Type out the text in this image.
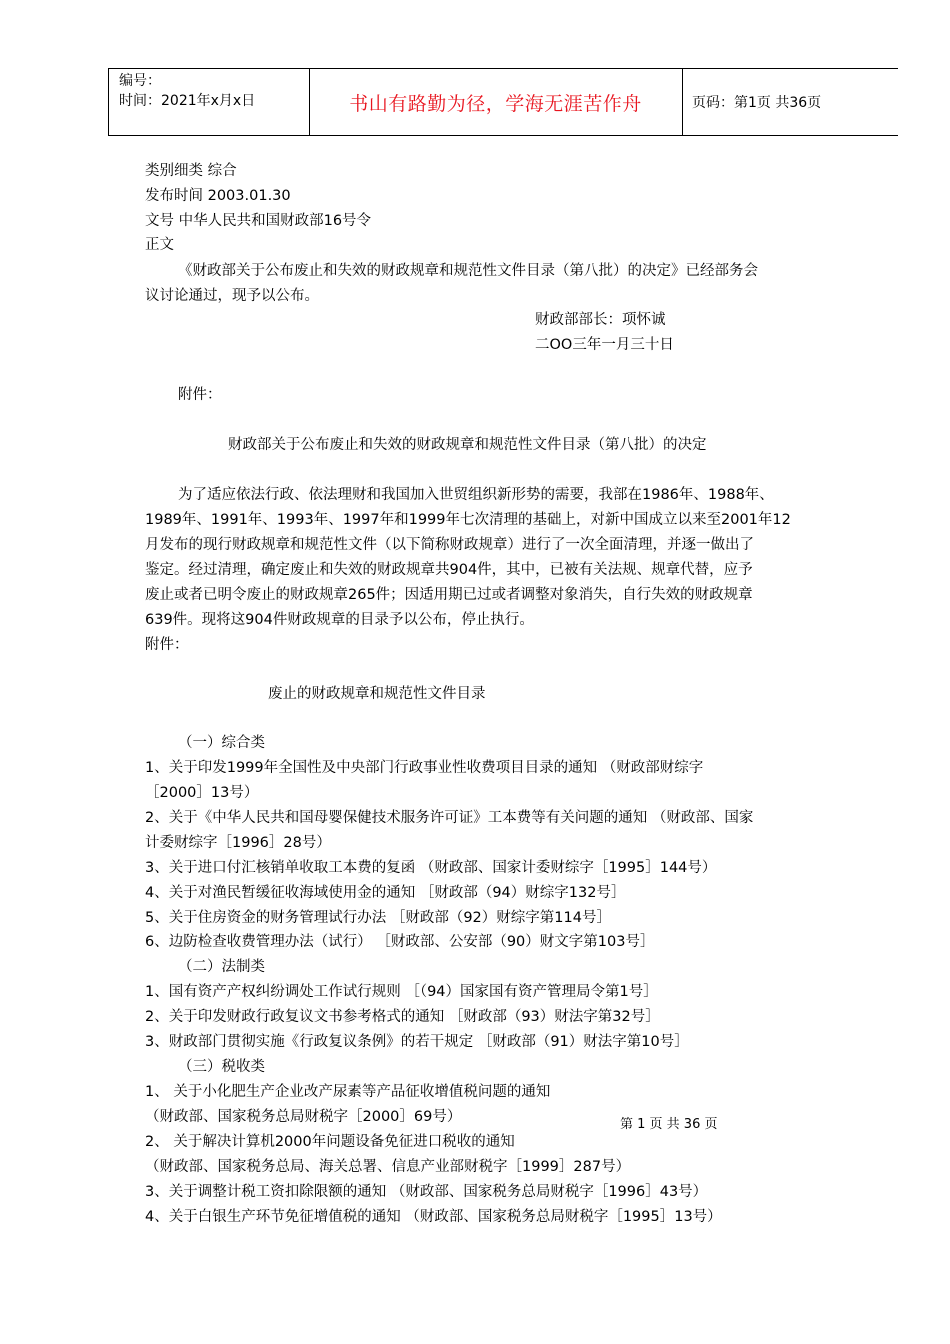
编号：
时间：2021年x月x日	书山有路勤为径，学海无涯苦作舟	页码：第1页 共36页
类别细类 综合
发布时间 2003.01.30
文号 中华人民共和国财政部16号令
正文
《财政部关于公布废止和失效的财政规章和规范性文件目录（第八批）的决定》已经部务会
议讨论通过，现予以公布。
财政部部长：项怀诚
二OO三年一月三十日
附件：
财政部关于公布废止和失效的财政规章和规范性文件目录（第八批）的决定
为了适应依法行政、依法理财和我国加入世贸组织新形势的需要，我部在1986年、1988年、
1989年、1991年、1993年、1997年和1999年七次清理的基础上，对新中国成立以来至2001年12
月发布的现行财政规章和规范性文件（以下简称财政规章）进行了一次全面清理，并逐一做出了
鉴定。经过清理，确定废止和失效的财政规章共904件，其中，已被有关法规、规章代替，应予
废止或者已明令废止的财政规章265件；因适用期已过或者调整对象消失，自行失效的财政规章
639件。现将这904件财政规章的目录予以公布，停止执行。
附件：
废止的财政规章和规范性文件目录
（一）综合类
1、关于印发1999年全国性及中央部门行政事业性收费项目目录的通知 （财政部财综字
［2000］13号）
2、关于《中华人民共和国母婴保健技术服务许可证》工本费等有关问题的通知 （财政部、国家
计委财综字［1996］28号）
3、关于进口付汇核销单收取工本费的复函 （财政部、国家计委财综字［1995］144号）
4、关于对渔民暂缓征收海域使用金的通知 ［财政部（94）财综字132号］
5、关于住房资金的财务管理试行办法 ［财政部（92）财综字第114号］
6、边防检查收费管理办法（试行） ［财政部、公安部（90）财文字第103号］
（二）法制类
1、国有资产产权纠纷调处工作试行规则 ［（94）国家国有资产管理局令第1号］
2、关于印发财政行政复议文书参考格式的通知 ［财政部（93）财法字第32号］
3、财政部门贯彻实施《行政复议条例》的若干规定 ［财政部（91）财法字第10号］
（三）税收类
1、 关于小化肥生产企业改产尿素等产品征收增值税问题的通知
（财政部、国家税务总局财税字［2000］69号）
2、 关于解决计算机2000年问题设备免征进口税收的通知
（财政部、国家税务总局、海关总署、信息产业部财税字［1999］287号）
3、关于调整计税工资扣除限额的通知 （财政部、国家税务总局财税字［1996］43号）
4、关于白银生产环节免征增值税的通知 （财政部、国家税务总局财税字［1995］13号）
第 1 页 共 36 页
